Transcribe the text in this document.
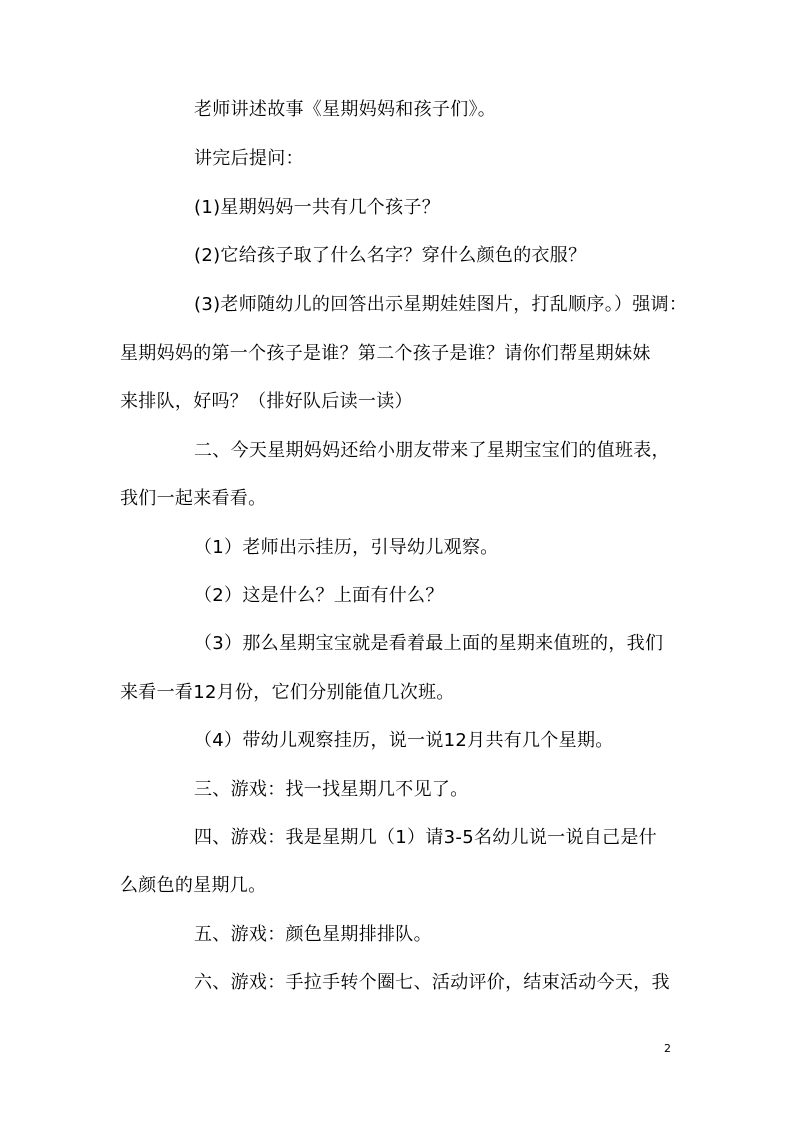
老师讲述故事《星期妈妈和孩子们》。
讲完后提问：
(1)星期妈妈一共有几个孩子？
(2)它给孩子取了什么名字？穿什么颜色的衣服？
(3)老师随幼儿的回答出示星期娃娃图片，打乱顺序。）强调：
星期妈妈的第一个孩子是谁？第二个孩子是谁？请你们帮星期妹妹
来排队，好吗？（排好队后读一读）
二、今天星期妈妈还给小朋友带来了星期宝宝们的值班表，
我们一起来看看。
（1）老师出示挂历，引导幼儿观察。
（2）这是什么？上面有什么？
（3）那么星期宝宝就是看着最上面的星期来值班的，我们
来看一看12月份，它们分别能值几次班。
（4）带幼儿观察挂历，说一说12月共有几个星期。
三、游戏：找一找星期几不见了。
四、游戏：我是星期几（1）请3-5名幼儿说一说自己是什
么颜色的星期几。
五、游戏：颜色星期排排队。
六、游戏：手拉手转个圈七、活动评价，结束活动今天，我
2
